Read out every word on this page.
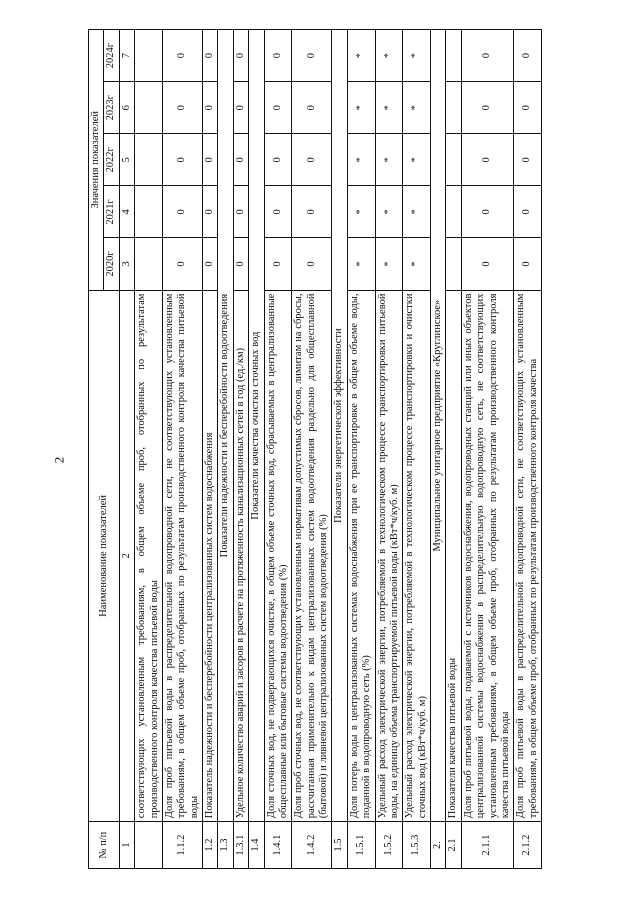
2
№ п/п	Наименование показателей	Значения показателей				
		2020г	2021г	2022г	2023г	2024г
1	2	3	4	5	6	7
	соответствующих установленным требованиям, в общем объеме проб, отобранных по результатам производственного контроля качества питьевой воды					
1.1.2	Доля проб питьевой воды в распределительной водопроводной сети, не соответствующих установленным требованиям, в общем объеме проб, отобранных по результатам производственного контроля качества питьевой воды	0	0	0	0	0
1.2	Показатель надежности и бесперебойности централизованных систем водоснабжения	0	0	0	0	0
1.3	Показатели надежности и бесперебойности водоотведения					
1.3.1	Удельное количество аварий и засоров в расчете на протяженность канализационных сетей в год (ед./км)	0	0	0	0	0
1.4	Показатели качества очистки сточных вод					
1.4.1	Доля сточных вод, не подвергающихся очистке, в общем объеме сточных вод, сбрасываемых в централизованные общесплавные или бытовые системы водоотведения (%)	0	0	0	0	0
1.4.2	Доля проб сточных вод, не соответствующих установленным нормативам допустимых сбросов, лимитам на сбросы, рассчитанная применительно к видам централизованных систем водоотведения раздельно для общесплавной (бытовой) и ливневой централизованных систем водоотведения (%)	0	0	0	0	0
1.5	Показатели энергетической эффективности					
1.5.1	Доля потерь воды в централизованных системах водоснабжения при ее транспортировке в общем объеме воды, поданной в водопроводную сеть (%)	*	*	*	*	*
1.5.2	Удельный расход электрической энергии, потребляемой в технологическом процессе транспортировки питьевой воды, на единицу объема транспортируемой питьевой воды (кВт*ч/куб. м)	*	*	*	*	*
1.5.3	Удельный расход электрической энергии, потребляемой в технологическом процессе транспортировки и очистки сточных вод (кВт*ч/куб. м)	*	*	*	*	*
2.	Муниципальное унитарное предприятие «Круглинское»					
2.1	Показатели качества питьевой воды					
2.1.1	Доля проб питьевой воды, подаваемой с источников водоснабжения, водопроводных станций или иных объектов централизованной системы водоснабжения в распределительную водопроводную сеть, не соответствующих установленным требованиям, в общем объеме проб, отобранных по результатам производственного контроля качества питьевой воды	0	0	0	0	0
2.1.2	Доля проб питьевой воды в распределительной водопроводной сети, не соответствующих установленным требованиям, в общем объеме проб, отобранных по результатам производственного контроля качества	0	0	0	0	0
